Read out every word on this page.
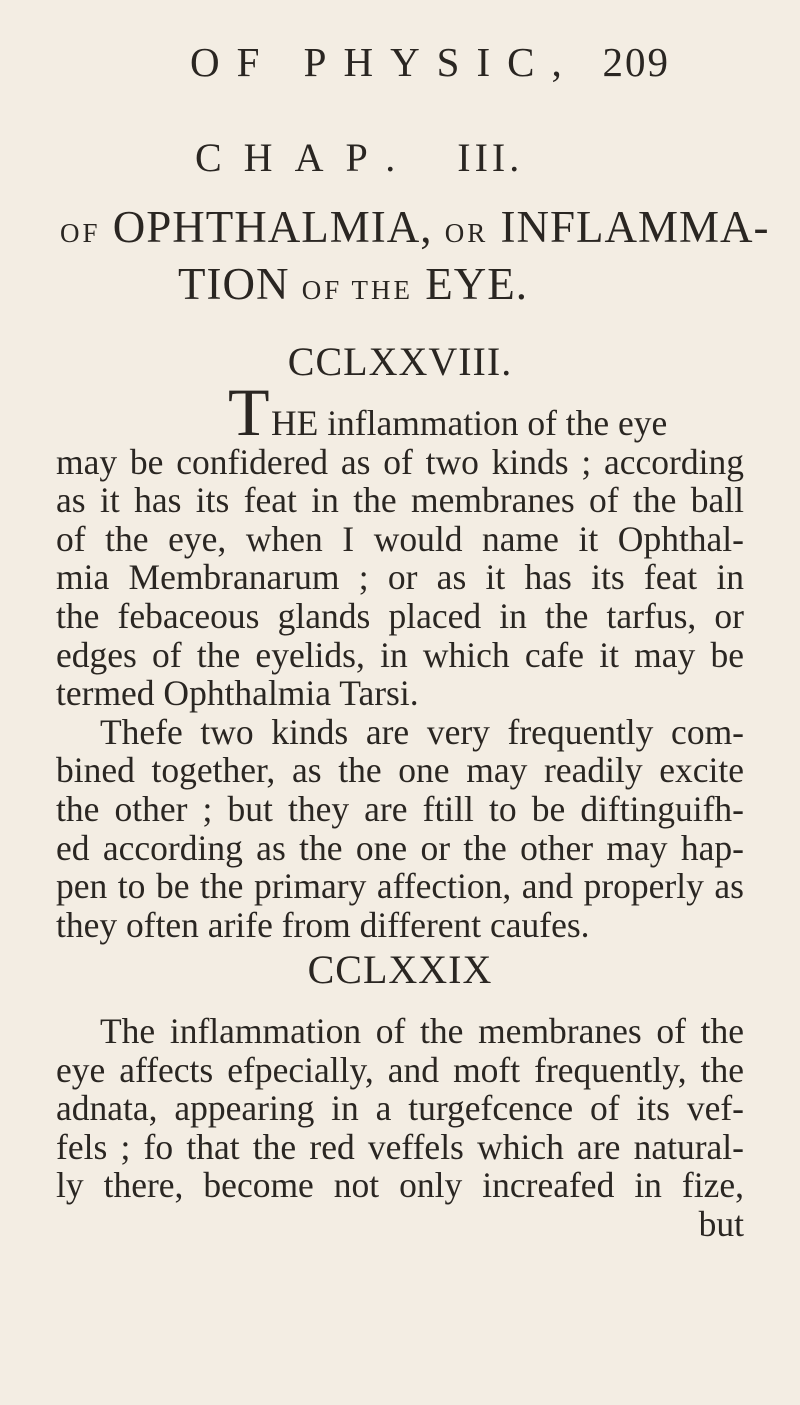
OF PHYSIC, 209
CHAP. III.
OF OPHTHALMIA, OR INFLAMMA-
TION OF THE EYE.
CCLXXVIII.
T HE inflammation of the eye
may be confidered as of two kinds ; according
as it has its feat in the membranes of the ball
of the eye, when I would name it Ophthal-
mia Membranarum ; or as it has its feat in
the febaceous glands placed in the tarfus, or
edges of the eyelids, in which cafe it may be
termed Ophthalmia Tarsi.
Thefe two kinds are very frequently com-
bined together, as the one may readily excite
the other ; but they are ftill to be diftinguifh-
ed according as the one or the other may hap-
pen to be the primary affection, and properly as
they often arife from different caufes.
CCLXXIX
The inflammation of the membranes of the
eye affects efpecially, and moft frequently, the
adnata, appearing in a turgefcence of its vef-
fels ; fo that the red veffels which are natural-
ly there, become not only increafed in fize,
but
